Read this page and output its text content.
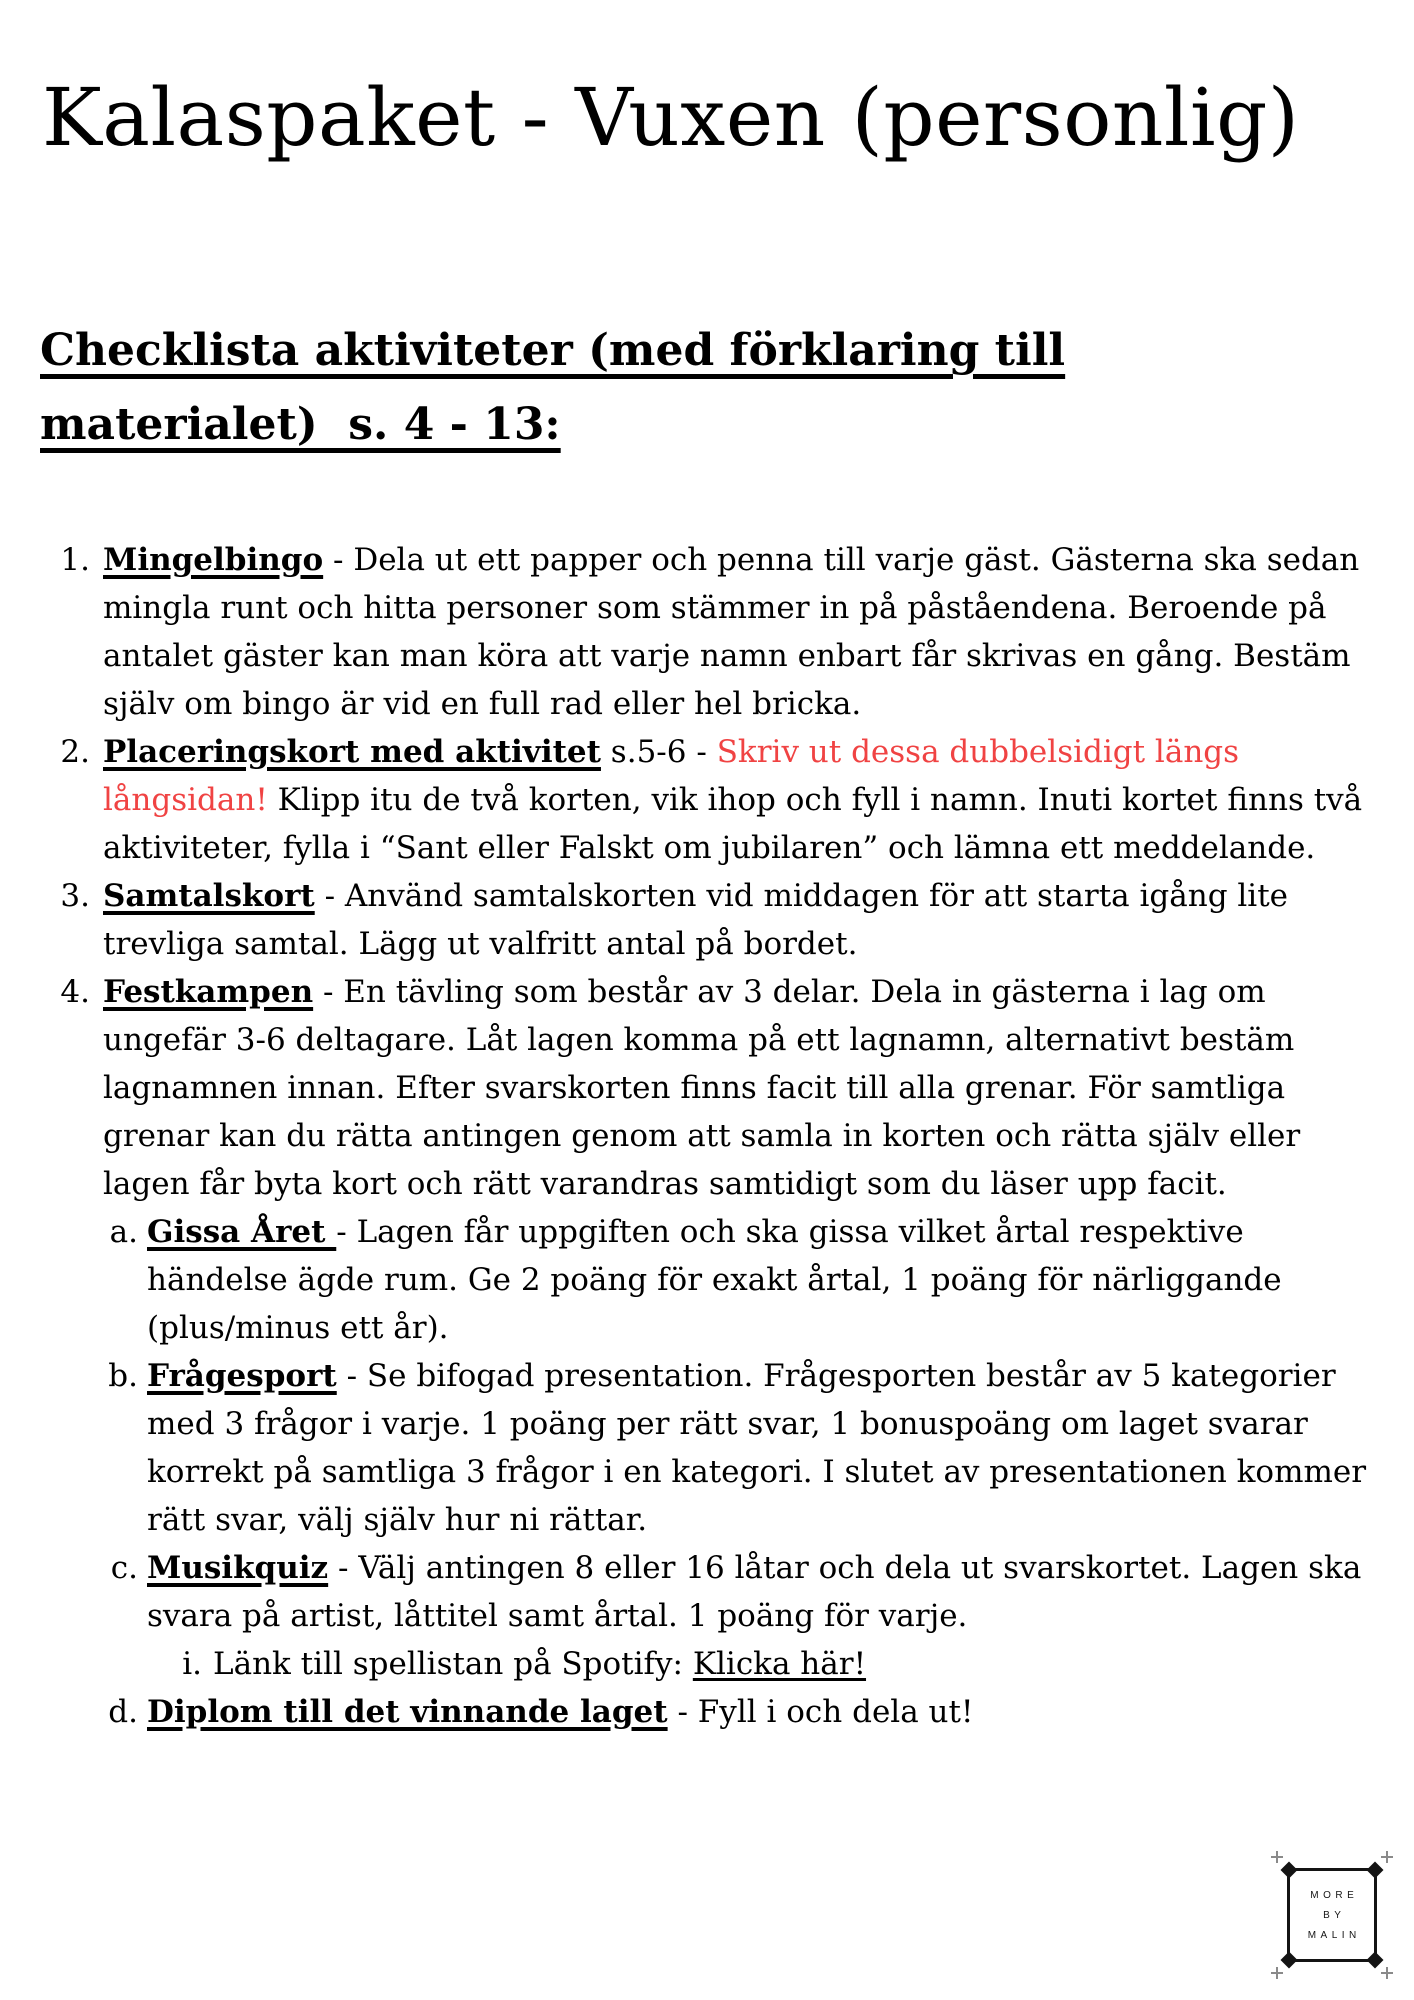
Kalaspaket - Vuxen (personlig)
Checklista aktiviteter (med förklaring till
materialet)  s. 4 - 13:
1. Mingelbingo - Dela ut ett papper och penna till varje gäst. Gästerna ska sedan mingla runt och hitta personer som stämmer in på påståendena. Beroende på antalet gäster kan man köra att varje namn enbart får skrivas en gång. Bestäm själv om bingo är vid en full rad eller hel bricka.
2. Placeringskort med aktivitet s.5-6 - Skriv ut dessa dubbelsidigt längs långsidan! Klipp itu de två korten, vik ihop och fyll i namn. Inuti kortet finns två aktiviteter, fylla i “Sant eller Falskt om jubilaren” och lämna ett meddelande.
3. Samtalskort - Använd samtalskorten vid middagen för att starta igång lite trevliga samtal. Lägg ut valfritt antal på bordet.
4. Festkampen - En tävling som består av 3 delar. Dela in gästerna i lag om ungefär 3-6 deltagare. Låt lagen komma på ett lagnamn, alternativt bestäm lagnamnen innan. Efter svarskorten finns facit till alla grenar. För samtliga grenar kan du rätta antingen genom att samla in korten och rätta själv eller lagen får byta kort och rätt varandras samtidigt som du läser upp facit.
a. Gissa Året - Lagen får uppgiften och ska gissa vilket årtal respektive händelse ägde rum. Ge 2 poäng för exakt årtal, 1 poäng för närliggande (plus/minus ett år).
b. Frågesport - Se bifogad presentation. Frågesporten består av 5 kategorier med 3 frågor i varje. 1 poäng per rätt svar, 1 bonuspoäng om laget svarar korrekt på samtliga 3 frågor i en kategori. I slutet av presentationen kommer rätt svar, välj själv hur ni rättar.
c. Musikquiz - Välj antingen 8 eller 16 låtar och dela ut svarskortet. Lagen ska svara på artist, låttitel samt årtal. 1 poäng för varje.
i. Länk till spellistan på Spotify: Klicka här!
d. Diplom till det vinnande laget - Fyll i och dela ut!
MORE
BY
MALIN
